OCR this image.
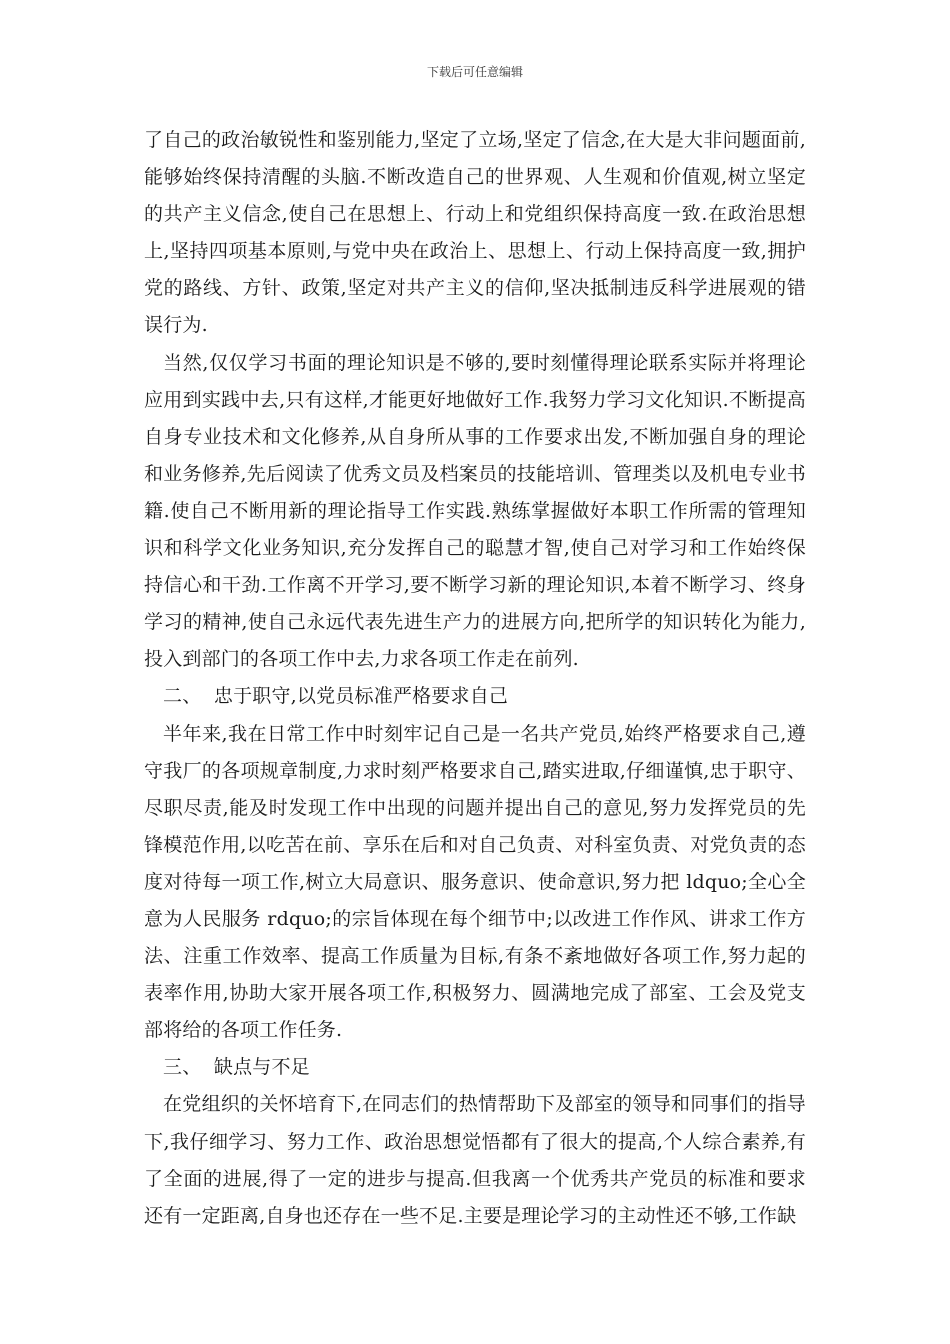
下载后可任意编辑

了自己的政治敏锐性和鉴别能力,坚定了立场,坚定了信念,在大是大非问题面前,能够始终保持清醒的头脑.不断改造自己的世界观、人生观和价值观,树立坚定的共产主义信念,使自己在思想上、行动上和党组织保持高度一致.在政治思想上,坚持四项基本原则,与党中央在政治上、思想上、行动上保持高度一致,拥护党的路线、方针、政策,坚定对共产主义的信仰,坚决抵制违反科学进展观的错误行为.

当然,仅仅学习书面的理论知识是不够的,要时刻懂得理论联系实际并将理论应用到实践中去,只有这样,才能更好地做好工作.我努力学习文化知识.不断提高自身专业技术和文化修养,从自身所从事的工作要求出发,不断加强自身的理论和业务修养,先后阅读了优秀文员及档案员的技能培训、管理类以及机电专业书籍.使自己不断用新的理论指导工作实践.熟练掌握做好本职工作所需的管理知识和科学文化业务知识,充分发挥自己的聪慧才智,使自己对学习和工作始终保持信心和干劲.工作离不开学习,要不断学习新的理论知识,本着不断学习、终身学习的精神,使自己永远代表先进生产力的进展方向,把所学的知识转化为能力,投入到部门的各项工作中去,力求各项工作走在前列.

二、  忠于职守,以党员标准严格要求自己

半年来,我在日常工作中时刻牢记自己是一名共产党员,始终严格要求自己,遵守我厂的各项规章制度,力求时刻严格要求自己,踏实进取,仔细谨慎,忠于职守、尽职尽责,能及时发现工作中出现的问题并提出自己的意见,努力发挥党员的先锋模范作用,以吃苦在前、享乐在后和对自己负责、对科室负责、对党负责的态度对待每一项工作,树立大局意识、服务意识、使命意识,努力把 ldquo;全心全意为人民服务 rdquo;的宗旨体现在每个细节中;以改进工作作风、讲求工作方法、注重工作效率、提高工作质量为目标,有条不紊地做好各项工作,努力起的表率作用,协助大家开展各项工作,积极努力、圆满地完成了部室、工会及党支部将给的各项工作任务.

三、  缺点与不足

在党组织的关怀培育下,在同志们的热情帮助下及部室的领导和同事们的指导下,我仔细学习、努力工作、政治思想觉悟都有了很大的提高,个人综合素养,有了全面的进展,得了一定的进步与提高.但我离一个优秀共产党员的标准和要求还有一定距离,自身也还存在一些不足.主要是理论学习的主动性还不够,工作缺
